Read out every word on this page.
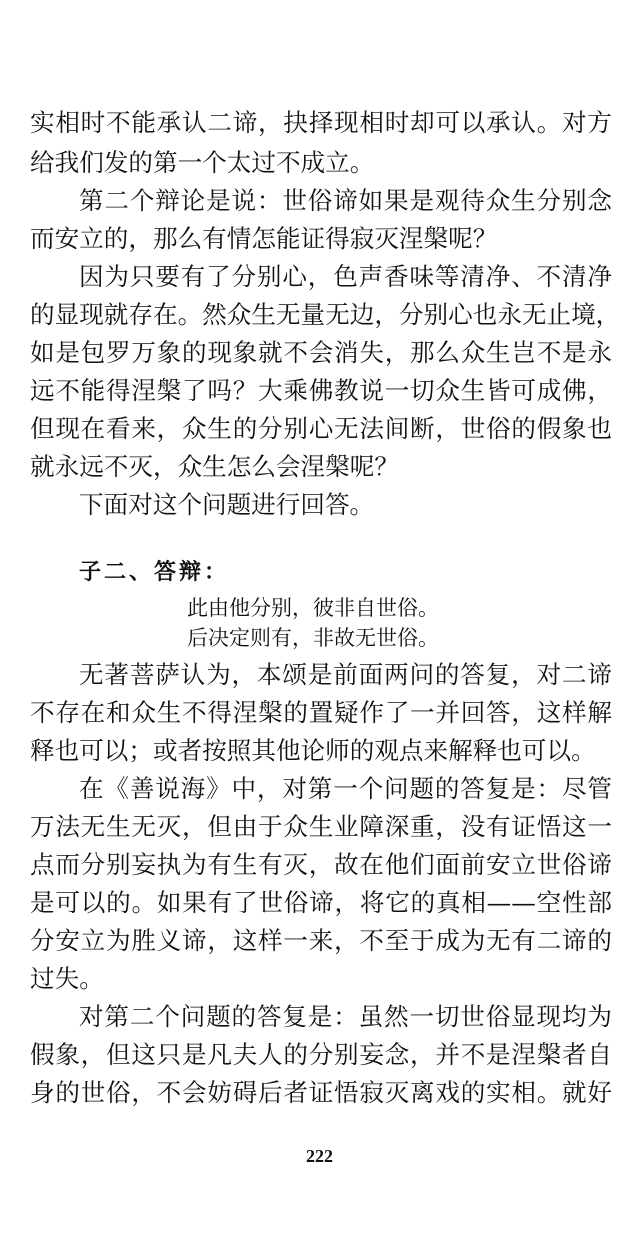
实相时不能承认二谛，抉择现相时却可以承认。对方
给我们发的第一个太过不成立。
第二个辩论是说：世俗谛如果是观待众生分别念
而安立的，那么有情怎能证得寂灭涅槃呢？
因为只要有了分别心，色声香味等清净、不清净
的显现就存在。然众生无量无边，分别心也永无止境，
如是包罗万象的现象就不会消失，那么众生岂不是永
远不能得涅槃了吗？大乘佛教说一切众生皆可成佛，
但现在看来，众生的分别心无法间断，世俗的假象也
就永远不灭，众生怎么会涅槃呢？
下面对这个问题进行回答。
子二、答辩：
此由他分别，彼非自世俗。
后决定则有，非故无世俗。
无著菩萨认为，本颂是前面两问的答复，对二谛
不存在和众生不得涅槃的置疑作了一并回答，这样解
释也可以；或者按照其他论师的观点来解释也可以。
在《善说海》中，对第一个问题的答复是：尽管
万法无生无灭，但由于众生业障深重，没有证悟这一
点而分别妄执为有生有灭，故在他们面前安立世俗谛
是可以的。如果有了世俗谛，将它的真相——空性部
分安立为胜义谛，这样一来，不至于成为无有二谛的
过失。
对第二个问题的答复是：虽然一切世俗显现均为
假象，但这只是凡夫人的分别妄念，并不是涅槃者自
身的世俗，不会妨碍后者证悟寂灭离戏的实相。就好
222
